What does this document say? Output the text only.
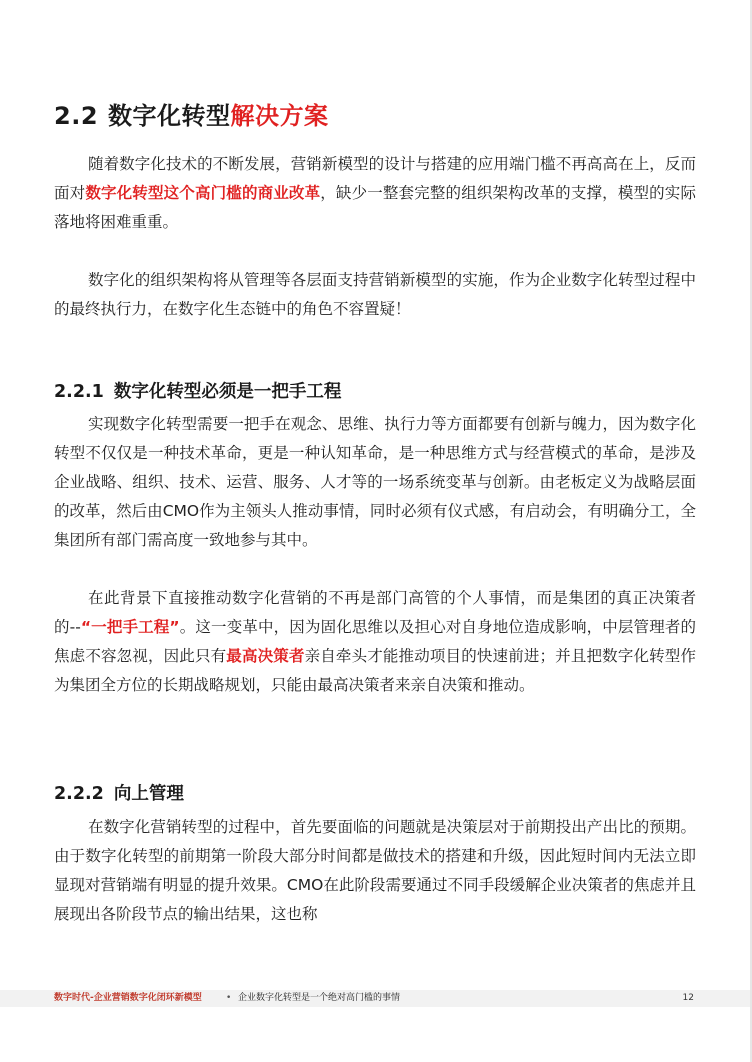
2.2 数字化转型解决方案

随着数字化技术的不断发展，营销新模型的设计与搭建的应用端门槛不再高高在上，反而面对数字化转型这个高门槛的商业改革，缺少一整套完整的组织架构改革的支撑，模型的实际落地将困难重重。

数字化的组织架构将从管理等各层面支持营销新模型的实施，作为企业数字化转型过程中的最终执行力，在数字化生态链中的角色不容置疑！

2.2.1 数字化转型必须是一把手工程

实现数字化转型需要一把手在观念、思维、执行力等方面都要有创新与魄力，因为数字化转型不仅仅是一种技术革命，更是一种认知革命，是一种思维方式与经营模式的革命，是涉及企业战略、组织、技术、运营、服务、人才等的一场系统变革与创新。由老板定义为战略层面的改革，然后由CMO作为主领头人推动事情，同时必须有仪式感，有启动会，有明确分工，全集团所有部门需高度一致地参与其中。

在此背景下直接推动数字化营销的不再是部门高管的个人事情，而是集团的真正决策者的--“一把手工程”。这一变革中，因为固化思维以及担心对自身地位造成影响，中层管理者的焦虑不容忽视，因此只有最高决策者亲自牵头才能推动项目的快速前进；并且把数字化转型作为集团全方位的长期战略规划，只能由最高决策者来亲自决策和推动。

2.2.2 向上管理

在数字化营销转型的过程中，首先要面临的问题就是决策层对于前期投出产出比的预期。由于数字化转型的前期第一阶段大部分时间都是做技术的搭建和升级，因此短时间内无法立即显现对营销端有明显的提升效果。CMO在此阶段需要通过不同手段缓解企业决策者的焦虑并且展现出各阶段节点的输出结果，这也称

数字时代-企业营销数字化闭环新模型	• 企业数字化转型是一个绝对高门槛的事情	12
